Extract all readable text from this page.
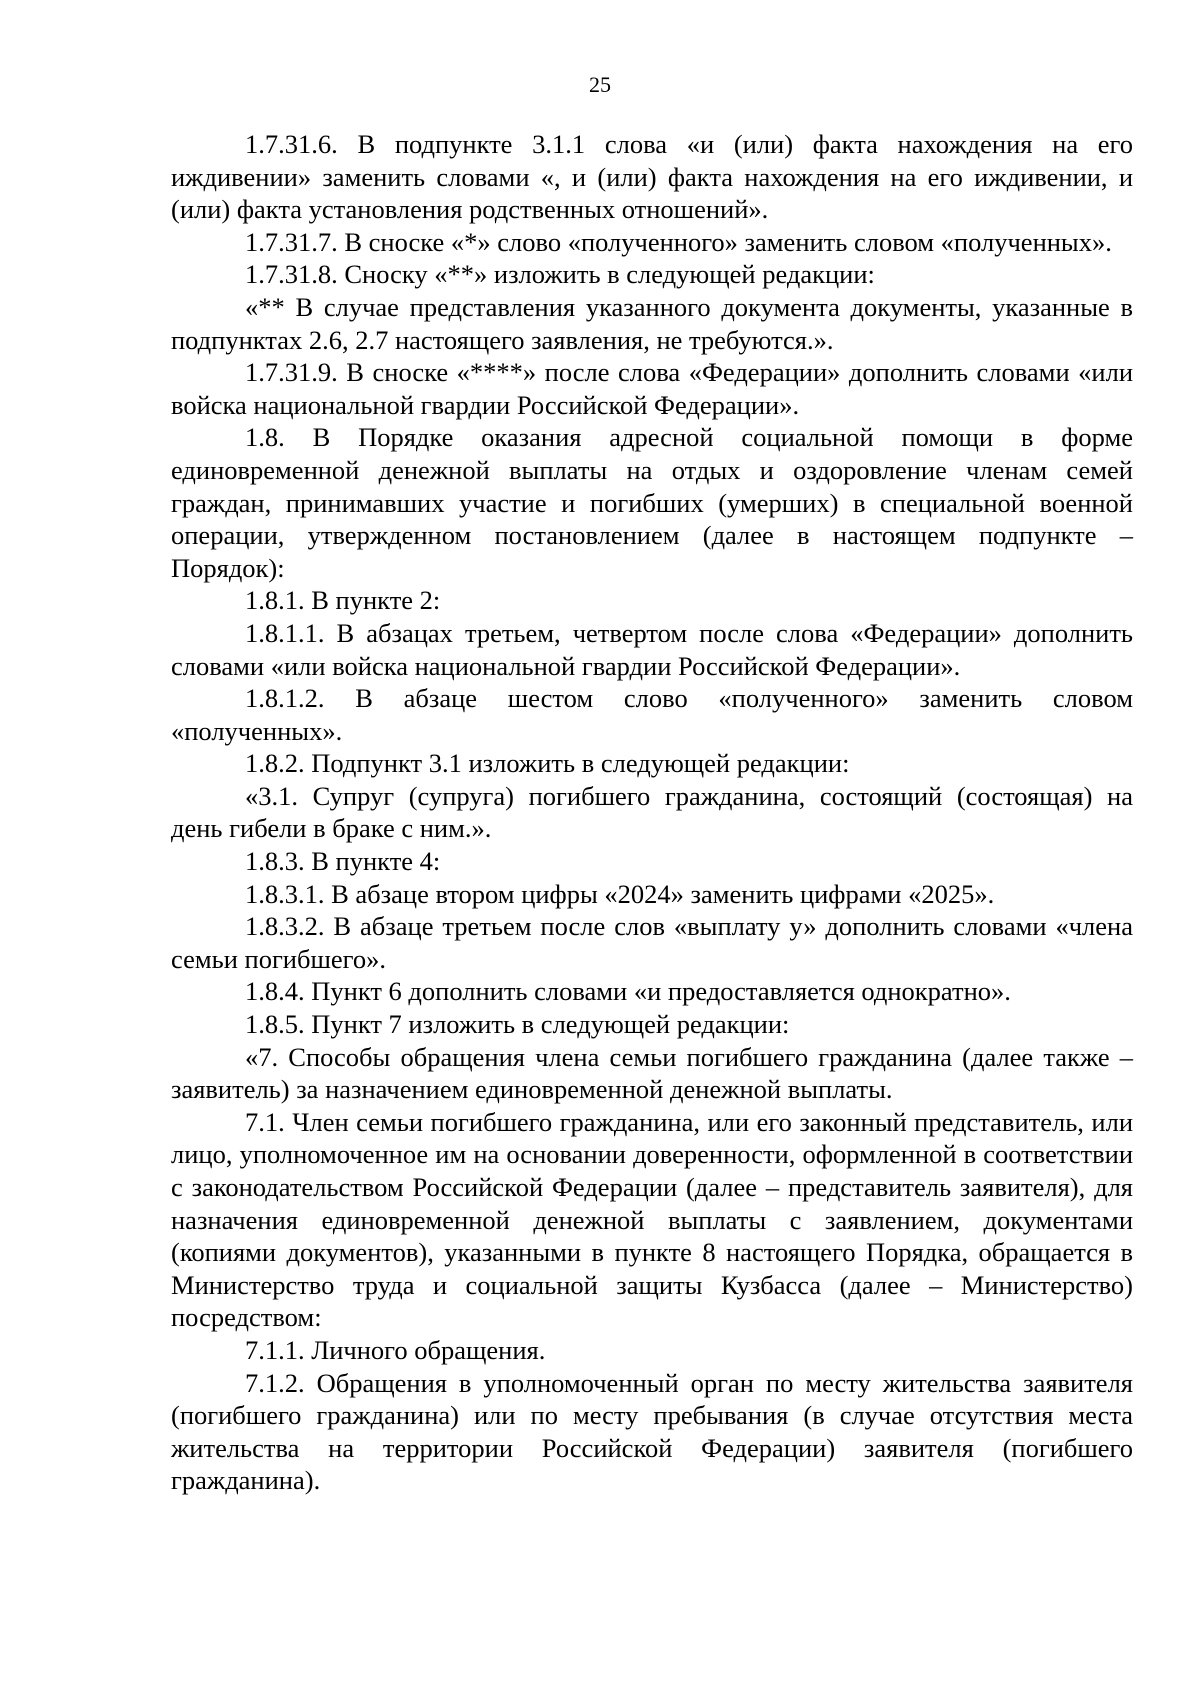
25

1.7.31.6. В подпункте 3.1.1 слова «и (или) факта нахождения на его иждивении» заменить словами «, и (или) факта нахождения на его иждивении, и (или) факта установления родственных отношений».

1.7.31.7. В сноске «*» слово «полученного» заменить словом «полученных».

1.7.31.8. Сноску «**» изложить в следующей редакции:

«** В случае представления указанного документа документы, указанные в подпунктах 2.6, 2.7 настоящего заявления, не требуются.».

1.7.31.9. В сноске «****» после слова «Федерации» дополнить словами «или войска национальной гвардии Российской Федерации».

1.8. В Порядке оказания адресной социальной помощи в форме единовременной денежной выплаты на отдых и оздоровление членам семей граждан, принимавших участие и погибших (умерших) в специальной военной операции, утвержденном постановлением (далее в настоящем подпункте – Порядок):

1.8.1. В пункте 2:

1.8.1.1. В абзацах третьем, четвертом после слова «Федерации» дополнить словами «или войска национальной гвардии Российской Федерации».

1.8.1.2. В абзаце шестом слово «полученного» заменить словом «полученных».

1.8.2. Подпункт 3.1 изложить в следующей редакции:

«3.1. Супруг (супруга) погибшего гражданина, состоящий (состоящая) на день гибели в браке с ним.».

1.8.3. В пункте 4:

1.8.3.1. В абзаце втором цифры «2024» заменить цифрами «2025».

1.8.3.2. В абзаце третьем после слов «выплату у» дополнить словами «члена семьи погибшего».

1.8.4. Пункт 6 дополнить словами «и предоставляется однократно».

1.8.5. Пункт 7 изложить в следующей редакции:

«7. Способы обращения члена семьи погибшего гражданина (далее также – заявитель) за назначением единовременной денежной выплаты.

7.1. Член семьи погибшего гражданина, или его законный представитель, или лицо, уполномоченное им на основании доверенности, оформленной в соответствии с законодательством Российской Федерации (далее – представитель заявителя), для назначения единовременной денежной выплаты с заявлением, документами (копиями документов), указанными в пункте 8 настоящего Порядка, обращается в Министерство труда и социальной защиты Кузбасса (далее – Министерство) посредством:

7.1.1. Личного обращения.

7.1.2. Обращения в уполномоченный орган по месту жительства заявителя (погибшего гражданина) или по месту пребывания (в случае отсутствия места жительства на территории Российской Федерации) заявителя (погибшего гражданина).
